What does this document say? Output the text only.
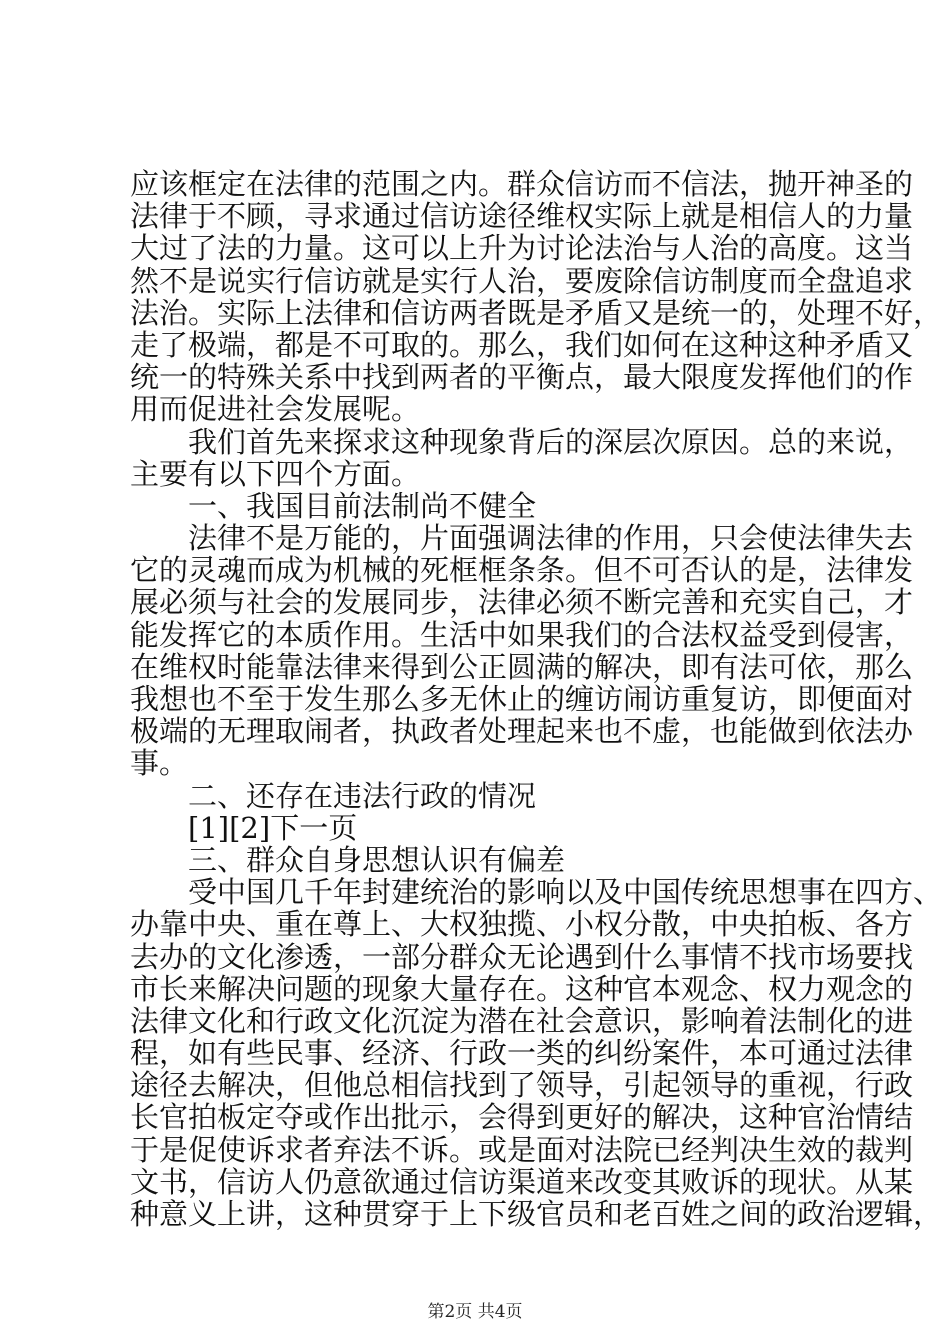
应该框定在法律的范围之内。群众信访而不信法，抛开神圣的

法律于不顾，寻求通过信访途径维权实际上就是相信人的力量

大过了法的力量。这可以上升为讨论法治与人治的高度。这当

然不是说实行信访就是实行人治，要废除信访制度而全盘追求

法治。实际上法律和信访两者既是矛盾又是统一的，处理不好，

走了极端，都是不可取的。那么，我们如何在这种这种矛盾又

统一的特殊关系中找到两者的平衡点，最大限度发挥他们的作

用而促进社会发展呢。

我们首先来探求这种现象背后的深层次原因。总的来说，

主要有以下四个方面。

一、我国目前法制尚不健全

法律不是万能的，片面强调法律的作用，只会使法律失去

它的灵魂而成为机械的死框框条条。但不可否认的是，法律发

展必须与社会的发展同步，法律必须不断完善和充实自己，才

能发挥它的本质作用。生活中如果我们的合法权益受到侵害，

在维权时能靠法律来得到公正圆满的解决，即有法可依，那么

我想也不至于发生那么多无休止的缠访闹访重复访，即便面对

极端的无理取闹者，执政者处理起来也不虚，也能做到依法办

事。

二、还存在违法行政的情况

[1][2]下一页

三、群众自身思想认识有偏差

受中国几千年封建统治的影响以及中国传统思想事在四方、

办靠中央、重在尊上、大权独揽、小权分散，中央拍板、各方

去办的文化渗透，一部分群众无论遇到什么事情不找市场要找

市长来解决问题的现象大量存在。这种官本观念、权力观念的

法律文化和行政文化沉淀为潜在社会意识，影响着法制化的进

程，如有些民事、经济、行政一类的纠纷案件，本可通过法律

途径去解决，但他总相信找到了领导，引起领导的重视，行政

长官拍板定夺或作出批示，会得到更好的解决，这种官治情结

于是促使诉求者弃法不诉。或是面对法院已经判决生效的裁判

文书，信访人仍意欲通过信访渠道来改变其败诉的现状。从某

种意义上讲，这种贯穿于上下级官员和老百姓之间的政治逻辑，

第2页 共4页
